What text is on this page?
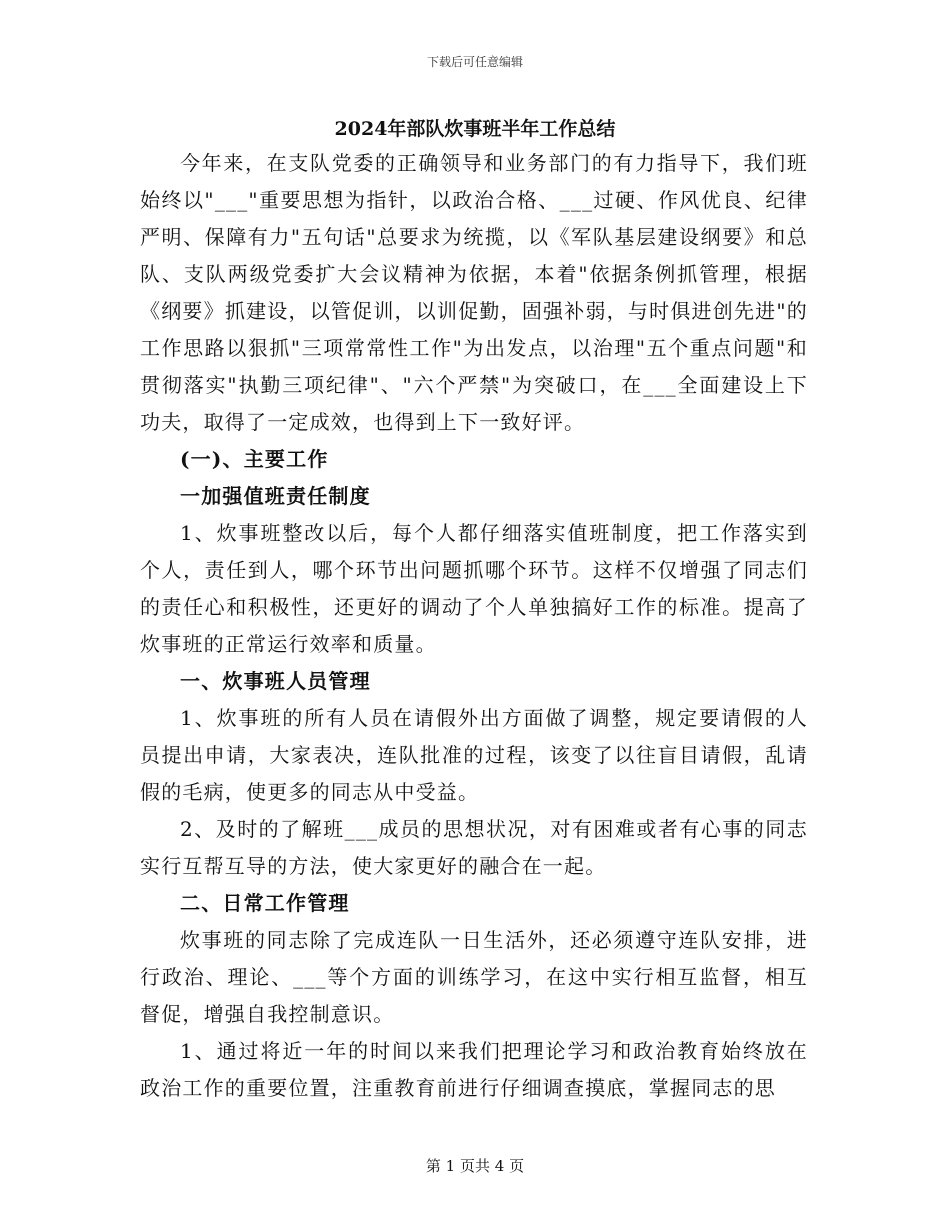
下载后可任意编辑
2024年部队炊事班半年工作总结

今年来，在支队党委的正确领导和业务部门的有力指导下，我们班始终以"___"重要思想为指针，以政治合格、___过硬、作风优良、纪律严明、保障有力"五句话"总要求为统揽，以《军队基层建设纲要》和总队、支队两级党委扩大会议精神为依据，本着"依据条例抓管理，根据《纲要》抓建设，以管促训，以训促勤，固强补弱，与时俱进创先进"的工作思路以狠抓"三项常常性工作"为出发点，以治理"五个重点问题"和贯彻落实"执勤三项纪律"、"六个严禁"为突破口，在___全面建设上下功夫，取得了一定成效，也得到上下一致好评。

(一)、主要工作
一加强值班责任制度

1、炊事班整改以后，每个人都仔细落实值班制度，把工作落实到个人，责任到人，哪个环节出问题抓哪个环节。这样不仅增强了同志们的责任心和积极性，还更好的调动了个人单独搞好工作的标准。提高了炊事班的正常运行效率和质量。

一、炊事班人员管理

1、炊事班的所有人员在请假外出方面做了调整，规定要请假的人员提出申请，大家表决，连队批准的过程，该变了以往盲目请假，乱请假的毛病，使更多的同志从中受益。

2、及时的了解班___成员的思想状况，对有困难或者有心事的同志实行互帮互导的方法，使大家更好的融合在一起。

二、日常工作管理

炊事班的同志除了完成连队一日生活外，还必须遵守连队安排，进行政治、理论、___等个方面的训练学习，在这中实行相互监督，相互督促，增强自我控制意识。

1、通过将近一年的时间以来我们把理论学习和政治教育始终放在政治工作的重要位置，注重教育前进行仔细调查摸底，掌握同志的思

第 1 页共 4 页
